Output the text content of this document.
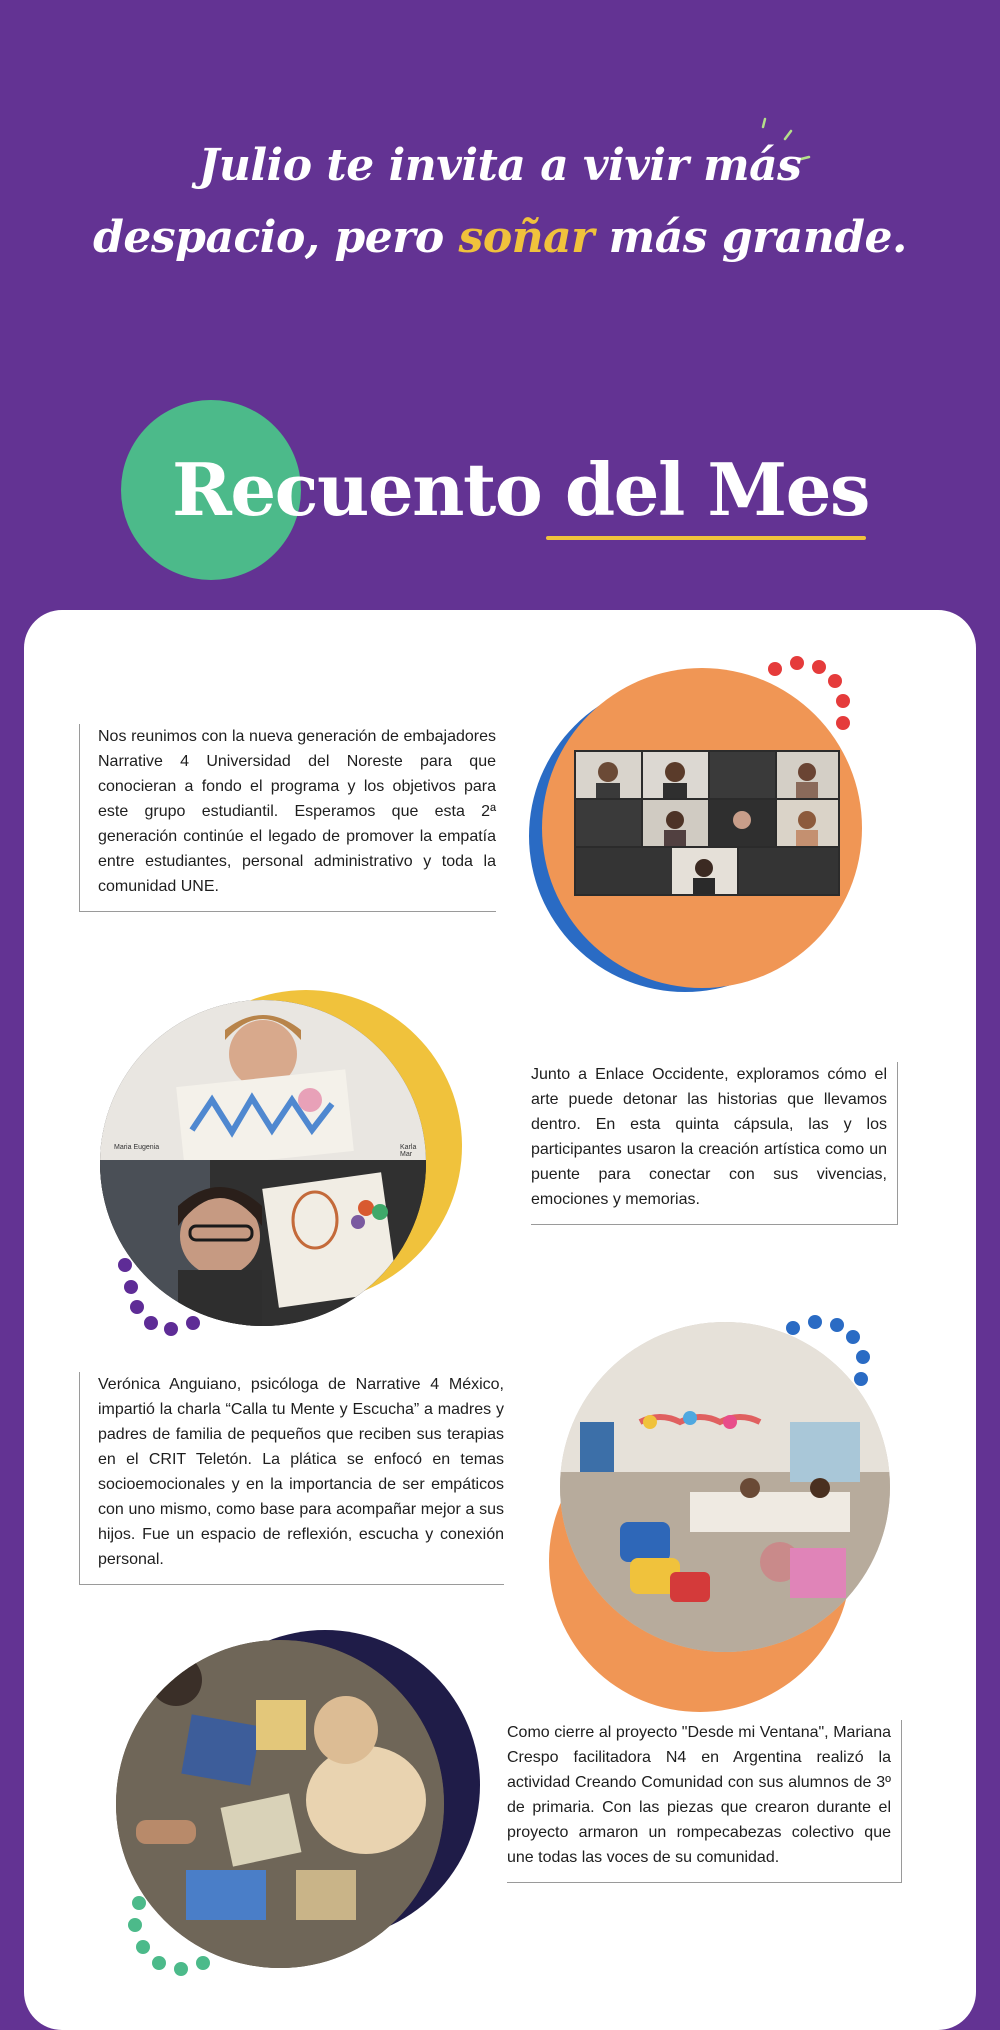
Julio te invita a vivir más
despacio, pero soñar más grande.
Recuento del Mes

Nos reunimos con la nueva generación de embajadores Narrative 4 Universidad del Noreste para que conocieran a fondo el programa y los objetivos para este grupo estudiantil. Esperamos que esta 2ª generación continúe el legado de promover la empatía entre estudiantes, personal administrativo y toda la comunidad UNE.

Maria Eugenia	Karla Mar

Junto a Enlace Occidente, exploramos cómo el arte puede detonar las historias que llevamos dentro. En esta quinta cápsula, las y los participantes usaron la creación artística como un puente para conectar con sus vivencias, emociones y memorias.

Verónica Anguiano, psicóloga de Narrative 4 México, impartió la charla “Calla tu Mente y Escucha” a madres y padres de familia de pequeños que reciben sus terapias en el CRIT Teletón. La plática se enfocó en temas socioemocionales y en la importancia de ser empáticos con uno mismo, como base para acompañar mejor a sus hijos. Fue un espacio de reflexión, escucha y conexión personal.

Como cierre al proyecto "Desde mi Ventana", Mariana Crespo facilitadora N4 en Argentina realizó la actividad Creando Comunidad con sus alumnos de 3º de primaria. Con las piezas que crearon durante el proyecto armaron un rompecabezas colectivo que une todas las voces de su comunidad.
